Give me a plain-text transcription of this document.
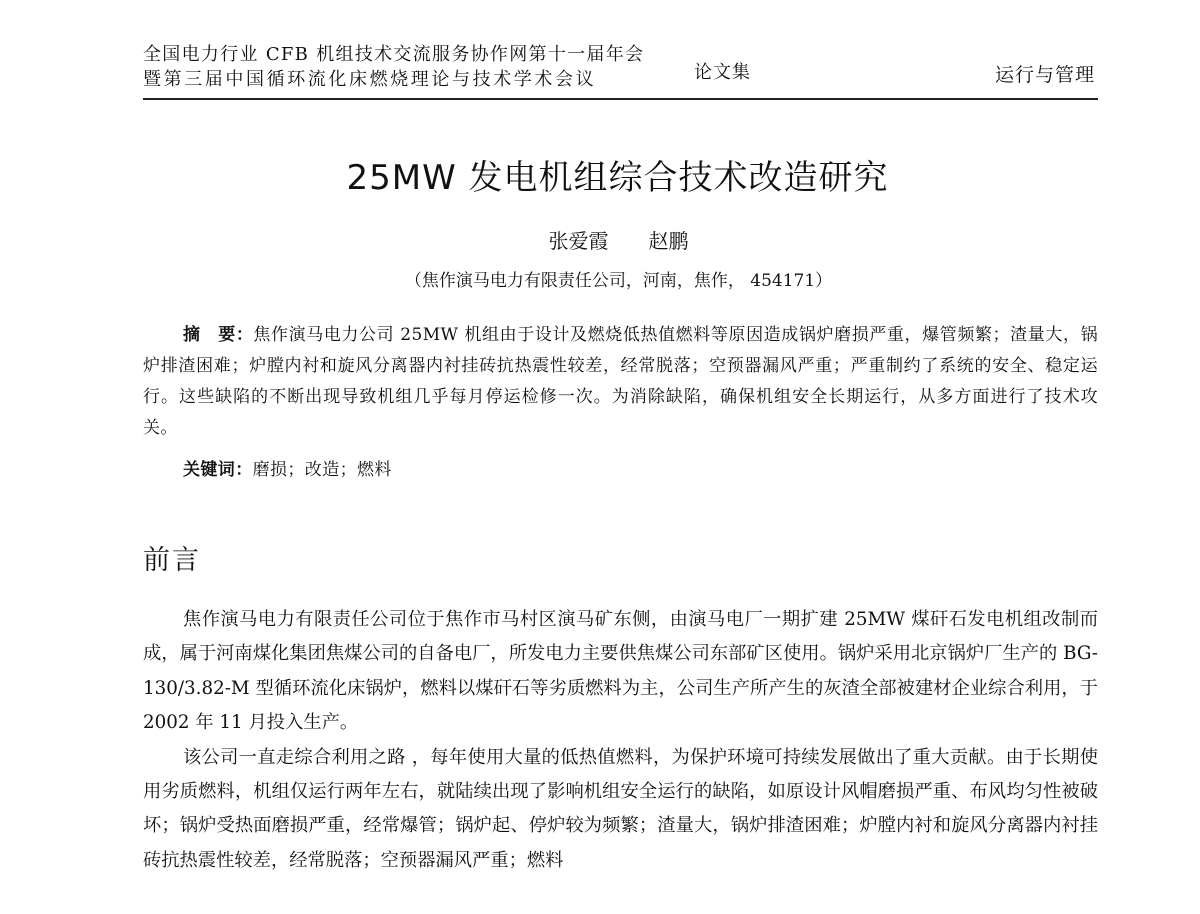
全国电力行业 CFB 机组技术交流服务协作网第十一届年会
暨第三届中国循环流化床燃烧理论与技术学术会议	论文集	运行与管理
25MW 发电机组综合技术改造研究
张爱霞 赵鹏
（焦作演马电力有限责任公司，河南，焦作， 454171）
摘　要：焦作演马电力公司 25MW 机组由于设计及燃烧低热值燃料等原因造成锅炉磨损严重，爆管频繁；渣量大，锅炉排渣困难；炉膛内衬和旋风分离器内衬挂砖抗热震性较差，经常脱落；空预器漏风严重；严重制约了系统的安全、稳定运行。这些缺陷的不断出现导致机组几乎每月停运检修一次。为消除缺陷，确保机组安全长期运行，从多方面进行了技术攻关。
关键词：磨损；改造；燃料
前言

焦作演马电力有限责任公司位于焦作市马村区演马矿东侧，由演马电厂一期扩建 25MW 煤矸石发电机组改制而成，属于河南煤化集团焦煤公司的自备电厂，所发电力主要供焦煤公司东部矿区使用。锅炉采用北京锅炉厂生产的 BG-130/3.82-M 型循环流化床锅炉，燃料以煤矸石等劣质燃料为主，公司生产所产生的灰渣全部被建材企业综合利用，于 2002 年 11 月投入生产。

该公司一直走综合利用之路 ，每年使用大量的低热值燃料，为保护环境可持续发展做出了重大贡献。由于长期使用劣质燃料，机组仅运行两年左右，就陆续出现了影响机组安全运行的缺陷，如原设计风帽磨损严重、布风均匀性被破坏；锅炉受热面磨损严重，经常爆管；锅炉起、停炉较为频繁；渣量大，锅炉排渣困难；炉膛内衬和旋风分离器内衬挂砖抗热震性较差，经常脱落；空预器漏风严重；燃料
